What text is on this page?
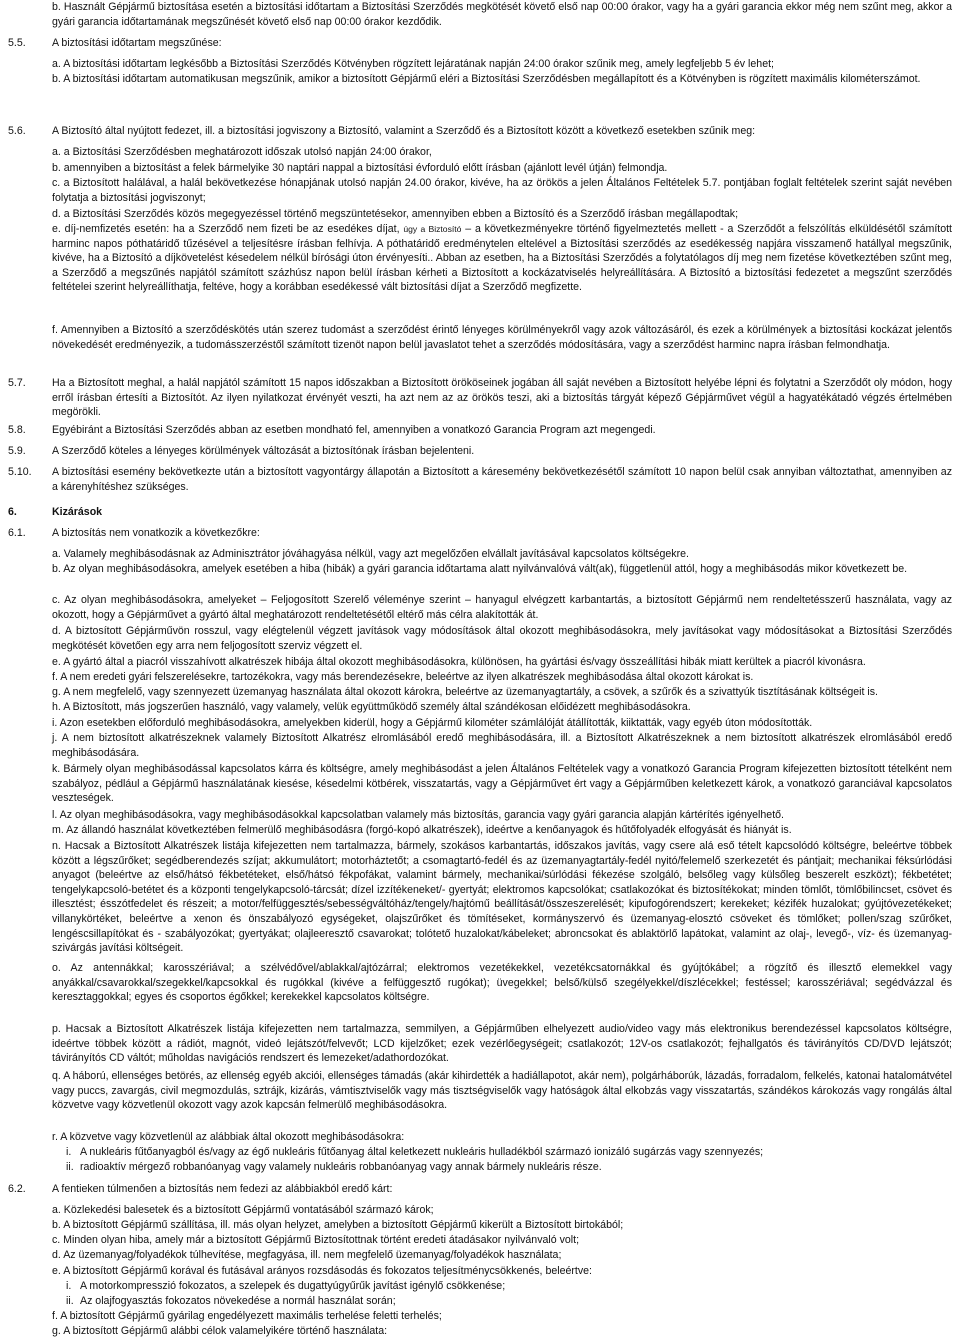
b. Használt Gépjármű biztosítása esetén a biztosítási időtartam a Biztosítási Szerződés megkötését követő első nap 00:00 órakor, vagy ha a gyári garancia ekkor még nem szűnt meg, akkor a gyári garancia időtartamának megszűnését követő első nap 00:00 órakor kezdődik.
5.5. A biztosítási időtartam megszűnése:
a. A biztosítási időtartam legkésőbb a Biztosítási Szerződés Kötvényben rögzített lejáratának napján 24:00 órakor szűnik meg, amely legfeljebb 5 év lehet;
b. A biztosítási időtartam automatikusan megszűnik, amikor a biztosított Gépjármű eléri a Biztosítási Szerződésben megállapított és a Kötvényben is rögzített maximális kilométerszámot.
5.6. A Biztosító által nyújtott fedezet, ill. a biztosítási jogviszony a Biztosító, valamint a Szerződő és a Biztosított között a következő esetekben szűnik meg:
a. a Biztosítási Szerződésben meghatározott időszak utolsó napján 24:00 órakor,
b. amennyiben a biztosítást a felek bármelyike 30 naptári nappal a biztosítási évforduló előtt írásban (ajánlott levél útján) felmondja.
c. a Biztosított halálával, a halál bekövetkezése hónapjának utolsó napján 24.00 órakor, kivéve, ha az örökös a jelen Általános Feltételek 5.7. pontjában foglalt feltételek szerint saját nevében folytatja a biztosítási jogviszonyt;
d. a Biztosítási Szerződés közös megegyezéssel történő megszüntetésekor, amennyiben ebben a Biztosító és a Szerződő írásban megállapodtak;
e. díj-nemfizetés esetén: ha a Szerződő nem fizeti be az esedékes díjat, úgy a Biztosító – a következményekre történő figyelmeztetés mellett - a Szerződőt a felszólítás elküldésétől számított harminc napos póthatáridő tűzésével a teljesítésre írásban felhívja. A póthatáridő eredménytelen eltelével a Biztosítási szerződés az esedékesség napjára visszamenő hatállyal megszűnik, kivéve, ha a Biztosító a díjkövetelést késedelem nélkül bírósági úton érvényesíti.. Abban az esetben, ha a Biztosítási Szerződés a folytatólagos díj meg nem fizetése következtében szűnt meg, a Szerződő a megszűnés napjától számított százhúsz napon belül írásban kérheti a Biztosított a kockázatviselés helyreállítására. A Biztosító a biztosítási fedezetet a megszűnt szerződés feltételei szerint helyreállíthatja, feltéve, hogy a korábban esedékessé vált biztosítási díjat a Szerződő megfizette.
f. Amennyiben a Biztosító a szerződéskötés után szerez tudomást a szerződést érintő lényeges körülményekről vagy azok változásáról, és ezek a körülmények a biztosítási kockázat jelentős növekedését eredményezik, a tudomásszerzéstől számított tizenöt napon belül javaslatot tehet a szerződés módosítására, vagy a szerződést harminc napra írásban felmondhatja.
5.7. Ha a Biztosított meghal, a halál napjától számított 15 napos időszakban a Biztosított örököseinek jogában áll saját nevében a Biztosított helyébe lépni és folytatni a Szerződőt oly módon, hogy erről írásban értesíti a Biztosítót. Az ilyen nyilatkozat érvényét veszti, ha azt nem az az örökös teszi, aki a biztosítás tárgyát képező Gépjárművet végül a hagyatékátadó végzés értelmében megörökli.
5.8. Egyébiránt a Biztosítási Szerződés abban az esetben mondható fel, amennyiben a vonatkozó Garancia Program azt megengedi.
5.9. A Szerződő köteles a lényeges körülmények változását a biztosítónak írásban bejelenteni.
5.10. A biztosítási esemény bekövetkezte után a biztosított vagyontárgy állapotán a Biztosított a káresemény bekövetkezésétől számított 10 napon belül csak annyiban változtathat, amennyiben az a kárenyhítéshez szükséges.
6.	Kizárások
6.1. A biztosítás nem vonatkozik a következőkre:
a. Valamely meghibásodásnak az Adminisztrátor jóváhagyása nélkül, vagy azt megelőzően elvállalt javításával kapcsolatos költségekre.
b. Az olyan meghibásodásokra, amelyek esetében a hiba (hibák) a gyári garancia időtartama alatt nyilvánvalóvá vált(ak), függetlenül attól, hogy a meghibásodás mikor következett be.
c. Az olyan meghibásodásokra, amelyeket – Feljogosított Szerelő véleménye szerint – hanyagul elvégzett karbantartás, a biztosított Gépjármű nem rendeltetésszerű használata, vagy az okozott, hogy a Gépjárművet a gyártó által meghatározott rendeltetésétől eltérő más célra alakították át.
d. A biztosított Gépjárművön rosszul, vagy elégtelenül végzett javítások vagy módosítások által okozott meghibásodásokra, mely javításokat vagy módosításokat a Biztosítási Szerződés megkötését követően egy arra nem feljogosított szerviz végzett el.
e. A gyártó által a piacról visszahívott alkatrészek hibája által okozott meghibásodásokra, különösen, ha gyártási és/vagy összeállítási hibák miatt kerültek a piacról kivonásra.
f. A nem eredeti gyári felszerelésekre, tartozékokra, vagy más berendezésekre, beleértve az ilyen alkatrészek meghibásodása által okozott károkat is.
g. A nem megfelelő, vagy szennyezett üzemanyag használata által okozott károkra, beleértve az üzemanyagtartály, a csövek, a szűrők és a szivattyúk tisztításának költségeit is.
h. A Biztosított, más jogszerűen használó, vagy valamely, velük együttműködő személy által szándékosan előidézett meghibásodásokra.
i. Azon esetekben előforduló meghibásodásokra, amelyekben kiderül, hogy a Gépjármű kilométer számlálóját átállították, kiiktatták, vagy egyéb úton módosították.
j. A nem biztosított alkatrészeknek valamely Biztosított Alkatrész elromlásából eredő meghibásodására, ill. a Biztosított Alkatrészeknek a nem biztosított alkatrészek elromlásából eredő meghibásodására.
k. Bármely olyan meghibásodással kapcsolatos kárra és költségre, amely meghibásodást a jelen Általános Feltételek vagy a vonatkozó Garancia Program kifejezetten biztosított tételként nem szabályoz, pédlául a Gépjármű használatának kiesése, késedelmi kötbérek, visszatartás, vagy a Gépjárművet ért vagy a Gépjárműben keletkezett károk, a vonatkozó garanciával kapcsolatos veszteségek.
l. Az olyan meghibásodásokra, vagy meghibásodásokkal kapcsolatban valamely más biztosítás, garancia vagy gyári garancia alapján kártérítés igényelhető.
m. Az állandó használat következtében felmerülő meghibásodásra (forgó-kopó alkatrészek), ideértve a kenőanyagok és hűtőfolyadék elfogyását és hiányát is.
n. Hacsak a Biztosított Alkatrészek listája kifejezetten nem tartalmazza, bármely, szokásos karbantartás, időszakos javítás, vagy csere alá eső tételt kapcsolódó költségre, beleértve többek között a légszűrőket; segédberendezés szíjat; akkumulátort; motorháztetőt; a csomagtartó-fedél és az üzemanyagtartály-fedél nyitó/felemelő szerkezetét és pántjait; mechanikai féksúrlódási anyagot (beleértve az első/hátsó fékbetéteket, első/hátsó fékpofákat, valamint bármely, mechanikai/súrlódási fékezése szolgáló, belsőleg vagy külsőleg beszerelt eszközt); fékbetétet; tengelykapcsoló-betétet és a központi tengelykapcsoló-tárcsát; dízel izzítékeneket/- gyertyát; elektromos kapcsolókat; csatlakozókat és biztosítékokat; minden tömlőt, tömlőbilincset, csövet és illesztést; ésszótfedelet és részeit; a motor/felfüggesztés/sebességváltóház/tengely/hajtómű beállítását/összeszerelését; kipufogórendszert; kerekeket; kézifék huzalokat; gyújtóvezetékeket; villanykörtéket, beleértve a xenon és önszabályozó egységeket, olajszűrőket és tömítéseket, kormányszervó és üzemanyag-elosztó csöveket és tömlőket; pollen/szag szűrőket, lengéscsillapítókat és - szabályozókat; gyertyákat; olajleeresztő csavarokat; tolótető huzalokat/kábeleket; abroncsokat és ablaktörlő lapátokat, valamint az olaj-, levegő-, víz- és üzemanyag-szivárgás javítási költségeit.
o. Az antennákkal; karosszériával; a szélvédővel/ablakkal/ajtózárral; elektromos vezetékekkel, vezetékcsatornákkal és gyújtókábel; a rögzítő és illesztő elemekkel vagy anyákkal/csavarokkal/szegekkel/kapcsokkal és rugókkal (kivéve a felfüggesztő rugókat); üvegekkel; belső/külső szegélyekkel/díszlécekkel; festéssel; karosszériával; segédvázzal és keresztaggokkal; egyes és csoportos égőkkel; kerekekkel kapcsolatos költségre.
p. Hacsak a Biztosított Alkatrészek listája kifejezetten nem tartalmazza, semmilyen, a Gépjárműben elhelyezett audio/video vagy más elektronikus berendezéssel kapcsolatos költségre, ideértve többek között a rádiót, magnót, videó lejátszót/felvevőt; LCD kijelzőket; ezek vezérlőegységeit; csatlakozót; 12V-os csatlakozót; fejhallgatós és távirányítós CD/DVD lejátszót; távirányítós CD váltót; műholdas navigációs rendszert és lemezeket/adathordozókat.
q. A háború, ellenséges betörés, az ellenség egyéb akciói, ellenséges támadás (akár kihirdették a hadiállapotot, akár nem), polgárháborúk, lázadás, forradalom, felkelés, katonai hatalomátvétel vagy puccs, zavargás, civil megmozdulás, sztrájk, kizárás, vámtisztviselők vagy más tisztségviselők vagy hatóságok által elkobzás vagy visszatartás, szándékos károkozás vagy rongálás által közvetve vagy közvetlenül okozott vagy azok kapcsán felmerülő meghibásodásokra.
r. A közvetve vagy közvetlenül az alábbiak által okozott meghibásodásokra:
i. A nukleáris fűtőanyagból és/vagy az égő nukleáris fűtőanyag által keletkezett nukleáris hulladékból származó ionizáló sugárzás vagy szennyezés;
ii. radioaktív mérgező robbanóanyag vagy valamely nukleáris robbanóanyag vagy annak bármely nukleáris része.
6.2. A fentieken túlmenően a biztosítás nem fedezi az alábbiakból eredő kárt:
a. Közlekedési balesetek és a biztosított Gépjármű vontatásából származó károk;
b. A biztosított Gépjármű szállítása, ill. más olyan helyzet, amelyben a biztosított Gépjármű kikerült a Biztosított birtokából;
c. Minden olyan hiba, amely már a biztosított Gépjármű Biztosítottnak történt eredeti átadásakor nyilvánvaló volt;
d. Az üzemanyag/folyadékok túlhevítése, megfagyása, ill. nem megfelelő üzemanyag/folyadékok használata;
e. A biztosított Gépjármű korával és futásával arányos rozsdásodás és fokozatos teljesítménycsökkenés, beleértve:
i. A motorkompresszió fokozatos, a szelepek és dugattyúgyűrűk javítást igénylő csökkenése;
ii. Az olajfogyasztás fokozatos növekedése a normál használat során;
f. A biztosított Gépjármű gyárilag engedélyezett maximális terhelése feletti terhelés;
g. A biztosított Gépjármű alábbi célok valamelyikére történő használata:
